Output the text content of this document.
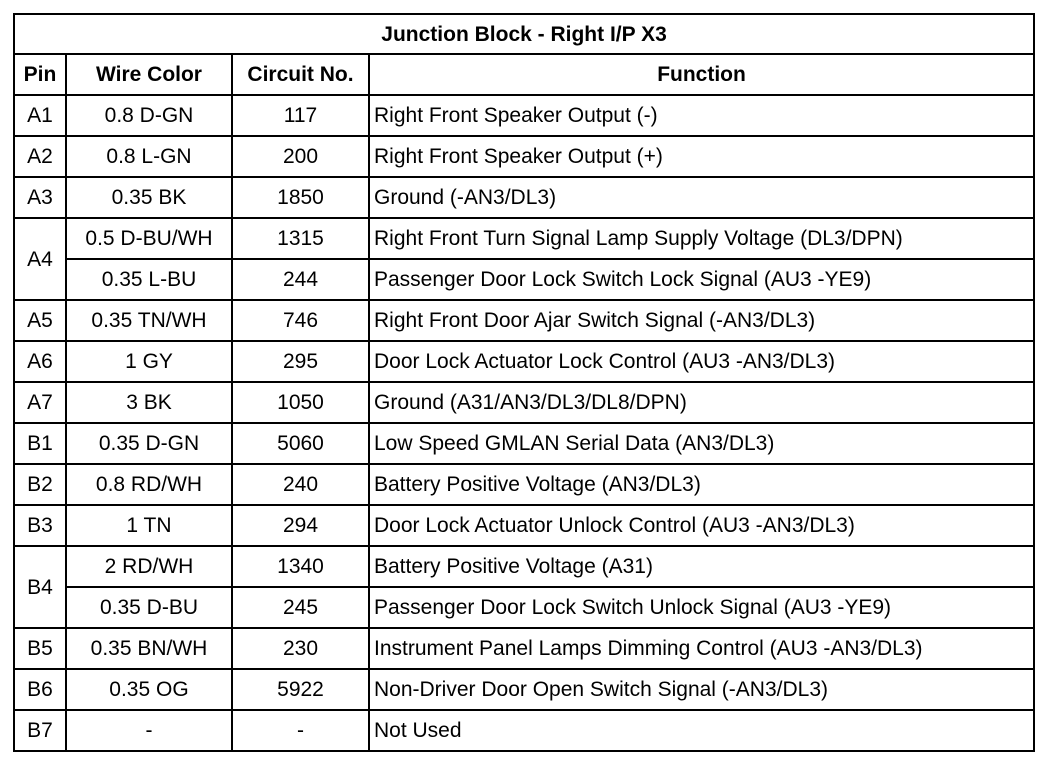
Junction Block - Right I/P X3			
Pin	Wire Color	Circuit No.	Function
A1	0.8 D-GN	117	Right Front Speaker Output (-)
A2	0.8 L-GN	200	Right Front Speaker Output (+)
A3	0.35 BK	1850	Ground (-AN3/DL3)
A4	0.5 D-BU/WH	1315	Right Front Turn Signal Lamp Supply Voltage (DL3/DPN)
	0.35 L-BU	244	Passenger Door Lock Switch Lock Signal (AU3 -YE9)
A5	0.35 TN/WH	746	Right Front Door Ajar Switch Signal (-AN3/DL3)
A6	1 GY	295	Door Lock Actuator Lock Control (AU3 -AN3/DL3)
A7	3 BK	1050	Ground (A31/AN3/DL3/DL8/DPN)
B1	0.35 D-GN	5060	Low Speed GMLAN Serial Data (AN3/DL3)
B2	0.8 RD/WH	240	Battery Positive Voltage (AN3/DL3)
B3	1 TN	294	Door Lock Actuator Unlock Control (AU3 -AN3/DL3)
B4	2 RD/WH	1340	Battery Positive Voltage (A31)
	0.35 D-BU	245	Passenger Door Lock Switch Unlock Signal (AU3 -YE9)
B5	0.35 BN/WH	230	Instrument Panel Lamps Dimming Control (AU3 -AN3/DL3)
B6	0.35 OG	5922	Non-Driver Door Open Switch Signal (-AN3/DL3)
B7	-	-	Not Used
